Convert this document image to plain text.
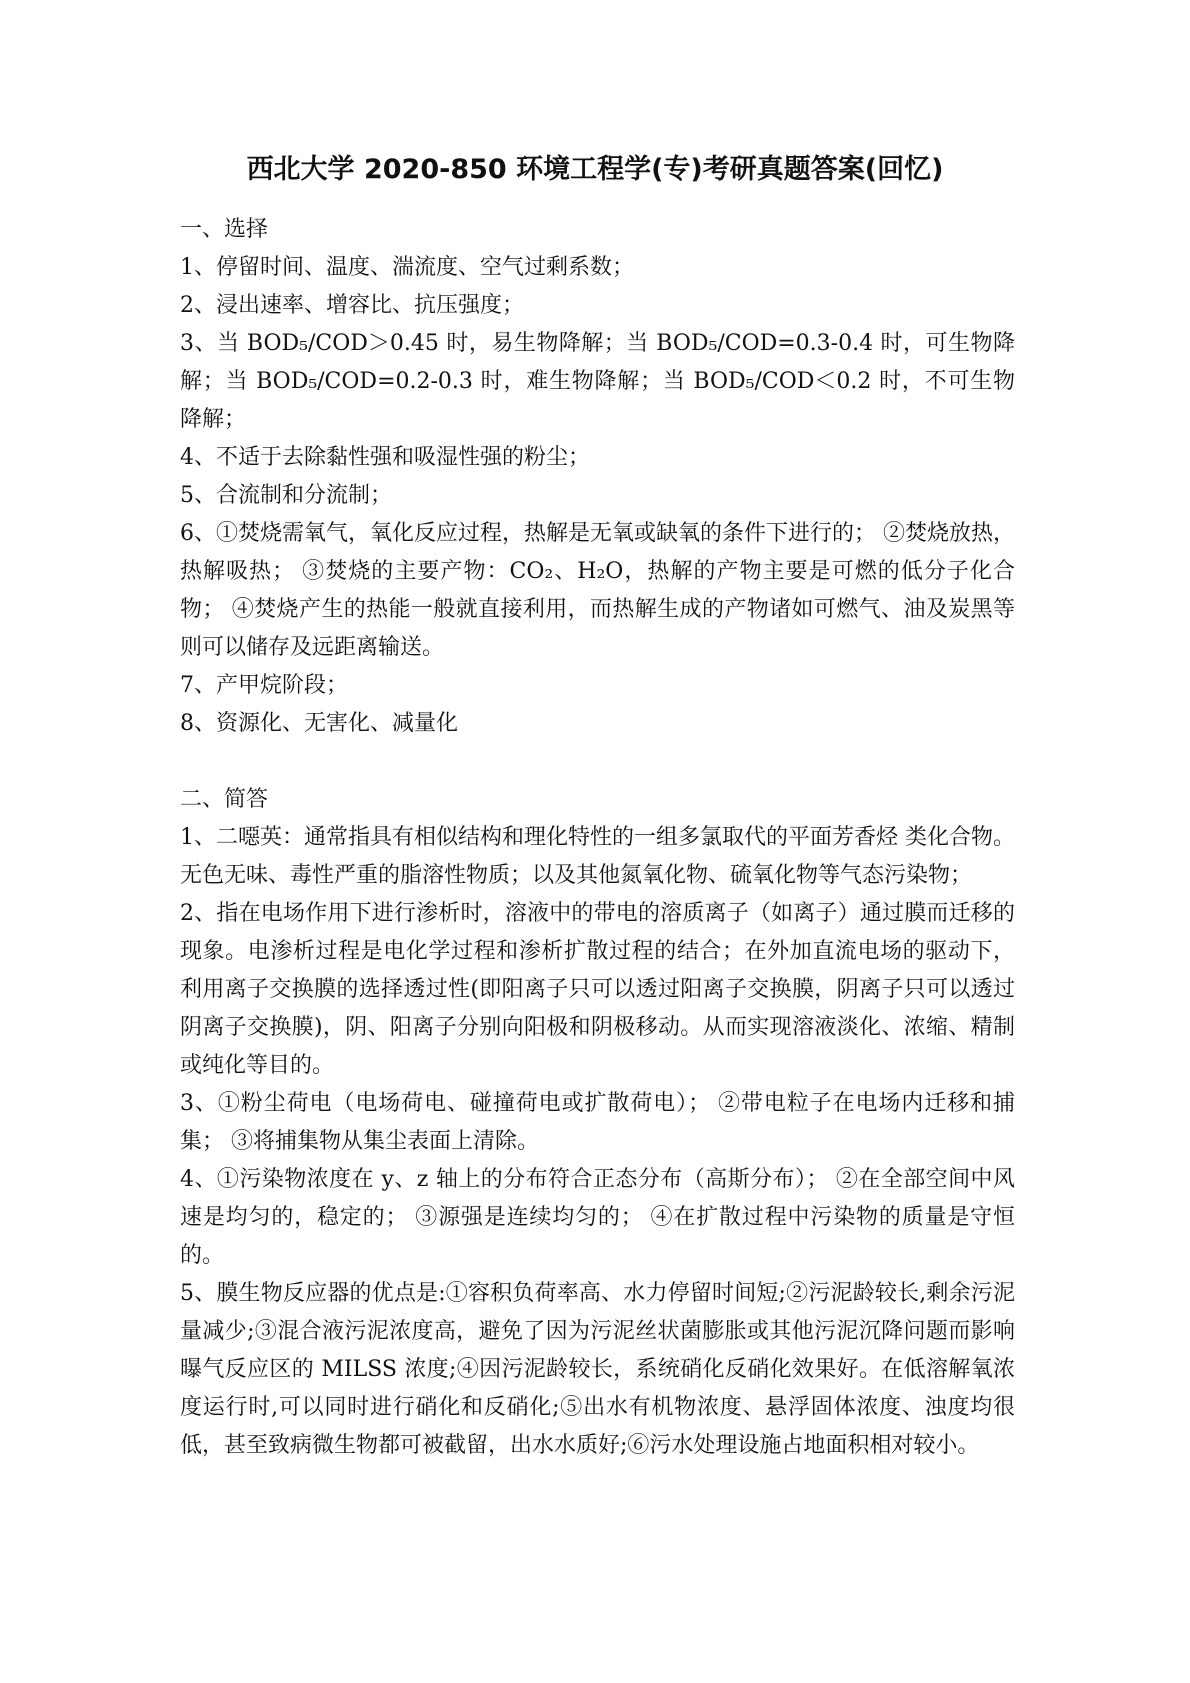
西北大学 2020-850 环境工程学(专)考研真题答案(回忆)

一、选择

1、停留时间、温度、湍流度、空气过剩系数；

2、浸出速率、增容比、抗压强度；

3、当 BOD₅/COD＞0.45 时，易生物降解；当 BOD₅/COD=0.3-0.4 时，可生物降解；当 BOD₅/COD=0.2-0.3 时，难生物降解；当 BOD₅/COD＜0.2 时，不可生物降解；

4、不适于去除黏性强和吸湿性强的粉尘；

5、合流制和分流制；

6、①焚烧需氧气，氧化反应过程，热解是无氧或缺氧的条件下进行的； ②焚烧放热，热解吸热； ③焚烧的主要产物：CO₂、H₂O，热解的产物主要是可燃的低分子化合物； ④焚烧产生的热能一般就直接利用，而热解生成的产物诸如可燃气、油及炭黑等则可以储存及远距离输送。

7、产甲烷阶段；

8、资源化、无害化、减量化

二、简答

1、二噁英：通常指具有相似结构和理化特性的一组多氯取代的平面芳香烃 类化合物。无色无味、毒性严重的脂溶性物质；以及其他氮氧化物、硫氧化物等气态污染物；

2、指在电场作用下进行渗析时，溶液中的带电的溶质离子（如离子）通过膜而迁移的现象。电渗析过程是电化学过程和渗析扩散过程的结合；在外加直流电场的驱动下，利用离子交换膜的选择透过性(即阳离子只可以透过阳离子交换膜，阴离子只可以透过阴离子交换膜)，阴、阳离子分别向阳极和阴极移动。从而实现溶液淡化、浓缩、精制或纯化等目的。

3、①粉尘荷电（电场荷电、碰撞荷电或扩散荷电）； ②带电粒子在电场内迁移和捕集； ③将捕集物从集尘表面上清除。

4、①污染物浓度在 y、z 轴上的分布符合正态分布（高斯分布）； ②在全部空间中风速是均匀的，稳定的； ③源强是连续均匀的； ④在扩散过程中污染物的质量是守恒的。

5、膜生物反应器的优点是:①容积负荷率高、水力停留时间短;②污泥龄较长,剩余污泥量减少;③混合液污泥浓度高，避免了因为污泥丝状菌膨胀或其他污泥沉降问题而影响曝气反应区的 MILSS 浓度;④因污泥龄较长，系统硝化反硝化效果好。在低溶解氧浓度运行时,可以同时进行硝化和反硝化;⑤出水有机物浓度、悬浮固体浓度、浊度均很低，甚至致病微生物都可被截留，出水水质好;⑥污水处理设施占地面积相对较小。
